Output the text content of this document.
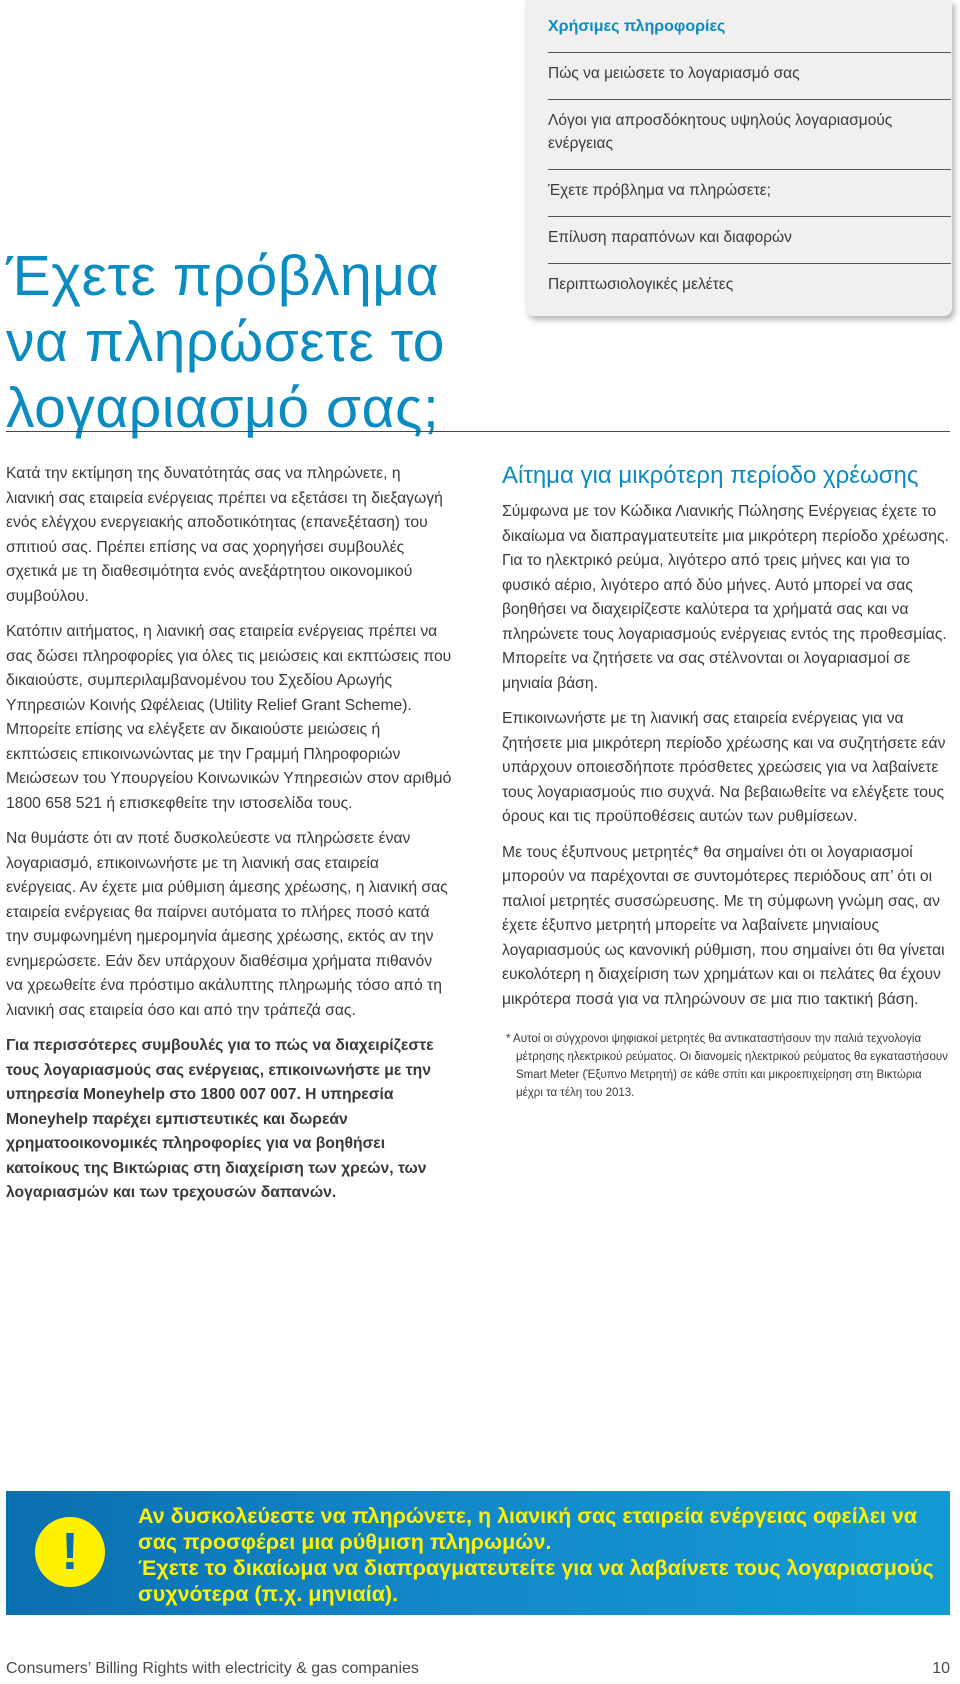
Έχετε πρόβλημα να πληρώσετε το λογαριασμό σας;
Χρήσιμες πληροφορίες
Πώς να μειώσετε το λογαριασμό σας
Λόγοι για απροσδόκητους υψηλούς λογαριασμούς ενέργειας
Έχετε πρόβλημα να πληρώσετε;
Επίλυση παραπόνων και διαφορών
Περιπτωσιολογικές μελέτες

Κατά την εκτίμηση της δυνατότητάς σας να πληρώνετε, η λιανική σας εταιρεία ενέργειας πρέπει να εξετάσει τη διεξαγωγή ενός ελέγχου ενεργειακής αποδοτικότητας (επανεξέταση) του σπιτιού σας. Πρέπει επίσης να σας χορηγήσει συμβουλές σχετικά με τη διαθεσιμότητα ενός ανεξάρτητου οικονομικού συμβούλου.

Κατόπιν αιτήματος, η λιανική σας εταιρεία ενέργειας πρέπει να σας δώσει πληροφορίες για όλες τις μειώσεις και εκπτώσεις που δικαιούστε, συμπεριλαμβανομένου του Σχεδίου Αρωγής Υπηρεσιών Κοινής Ωφέλειας (Utility Relief Grant Scheme). Μπορείτε επίσης να ελέγξετε αν δικαιούστε μειώσεις ή εκπτώσεις επικοινωνώντας με την Γραμμή Πληροφοριών Μειώσεων του Υπουργείου Κοινωνικών Υπηρεσιών στον αριθμό 1800 658 521 ή επισκεφθείτε την ιστοσελίδα τους.

Να θυμάστε ότι αν ποτέ δυσκολεύεστε να πληρώσετε έναν λογαριασμό, επικοινωνήστε με τη λιανική σας εταιρεία ενέργειας. Αν έχετε μια ρύθμιση άμεσης χρέωσης, η λιανική σας εταιρεία ενέργειας θα παίρνει αυτόματα το πλήρες ποσό κατά την συμφωνημένη ημερομηνία άμεσης χρέωσης, εκτός αν την ενημερώσετε. Εάν δεν υπάρχουν διαθέσιμα χρήματα πιθανόν να χρεωθείτε ένα πρόστιμο ακάλυπτης πληρωμής τόσο από τη λιανική σας εταιρεία όσο και από την τράπεζά σας.

Για περισσότερες συμβουλές για το πώς να διαχειρίζεστε τους λογαριασμούς σας ενέργειας, επικοινωνήστε με την υπηρεσία Moneyhelp στο 1800 007 007. Η υπηρεσία Moneyhelp παρέχει εμπιστευτικές και δωρεάν χρηματοοικονομικές πληροφορίες για να βοηθήσει κατοίκους της Βικτώριας στη διαχείριση των χρεών, των λογαριασμών και των τρεχουσών δαπανών.

Αίτημα για μικρότερη περίοδο χρέωσης

Σύμφωνα με τον Κώδικα Λιανικής Πώλησης Ενέργειας έχετε το δικαίωμα να διαπραγματευτείτε μια μικρότερη περίοδο χρέωσης. Για το ηλεκτρικό ρεύμα, λιγότερο από τρεις μήνες και για το φυσικό αέριο, λιγότερο από δύο μήνες. Αυτό μπορεί να σας βοηθήσει να διαχειρίζεστε καλύτερα τα χρήματά σας και να πληρώνετε τους λογαριασμούς ενέργειας εντός της προθεσμίας. Μπορείτε να ζητήσετε να σας στέλνονται οι λογαριασμοί σε μηνιαία βάση.

Επικοινωνήστε με τη λιανική σας εταιρεία ενέργειας για να ζητήσετε μια μικρότερη περίοδο χρέωσης και να συζητήσετε εάν υπάρχουν οποιεσδήποτε πρόσθετες χρεώσεις για να λαβαίνετε τους λογαριασμούς πιο συχνά. Να βεβαιωθείτε να ελέγξετε τους όρους και τις προϋποθέσεις αυτών των ρυθμίσεων.

Με τους έξυπνους μετρητές* θα σημαίνει ότι οι λογαριασμοί μπορούν να παρέχονται σε συντομότερες περιόδους απ’ ότι οι παλιοί μετρητές συσσώρευσης. Με τη σύμφωνη γνώμη σας, αν έχετε έξυπνο μετρητή μπορείτε να λαβαίνετε μηνιαίους λογαριασμούς ως κανονική ρύθμιση, που σημαίνει ότι θα γίνεται ευκολότερη η διαχείριση των χρημάτων και οι πελάτες θα έχουν μικρότερα ποσά για να πληρώνουν σε μια πιο τακτική βάση.

* Αυτοί οι σύγχρονοι ψηφιακοί μετρητές θα αντικαταστήσουν την παλιά τεχνολογία μέτρησης ηλεκτρικού ρεύματος. Οι διανομείς ηλεκτρικού ρεύματος θα εγκαταστήσουν Smart Meter (Έξυπνο Μετρητή) σε κάθε σπίτι και μικροεπιχείρηση στη Βικτώρια μέχρι τα τέλη του 2013.
!
Αν δυσκολεύεστε να πληρώνετε, η λιανική σας εταιρεία ενέργειας οφείλει να σας προσφέρει μια ρύθμιση πληρωμών.
Έχετε το δικαίωμα να διαπραγματευτείτε για να λαβαίνετε τους λογαριασμούς συχνότερα (π.χ. μηνιαία).
Consumers’ Billing Rights with electricity & gas companies	10
